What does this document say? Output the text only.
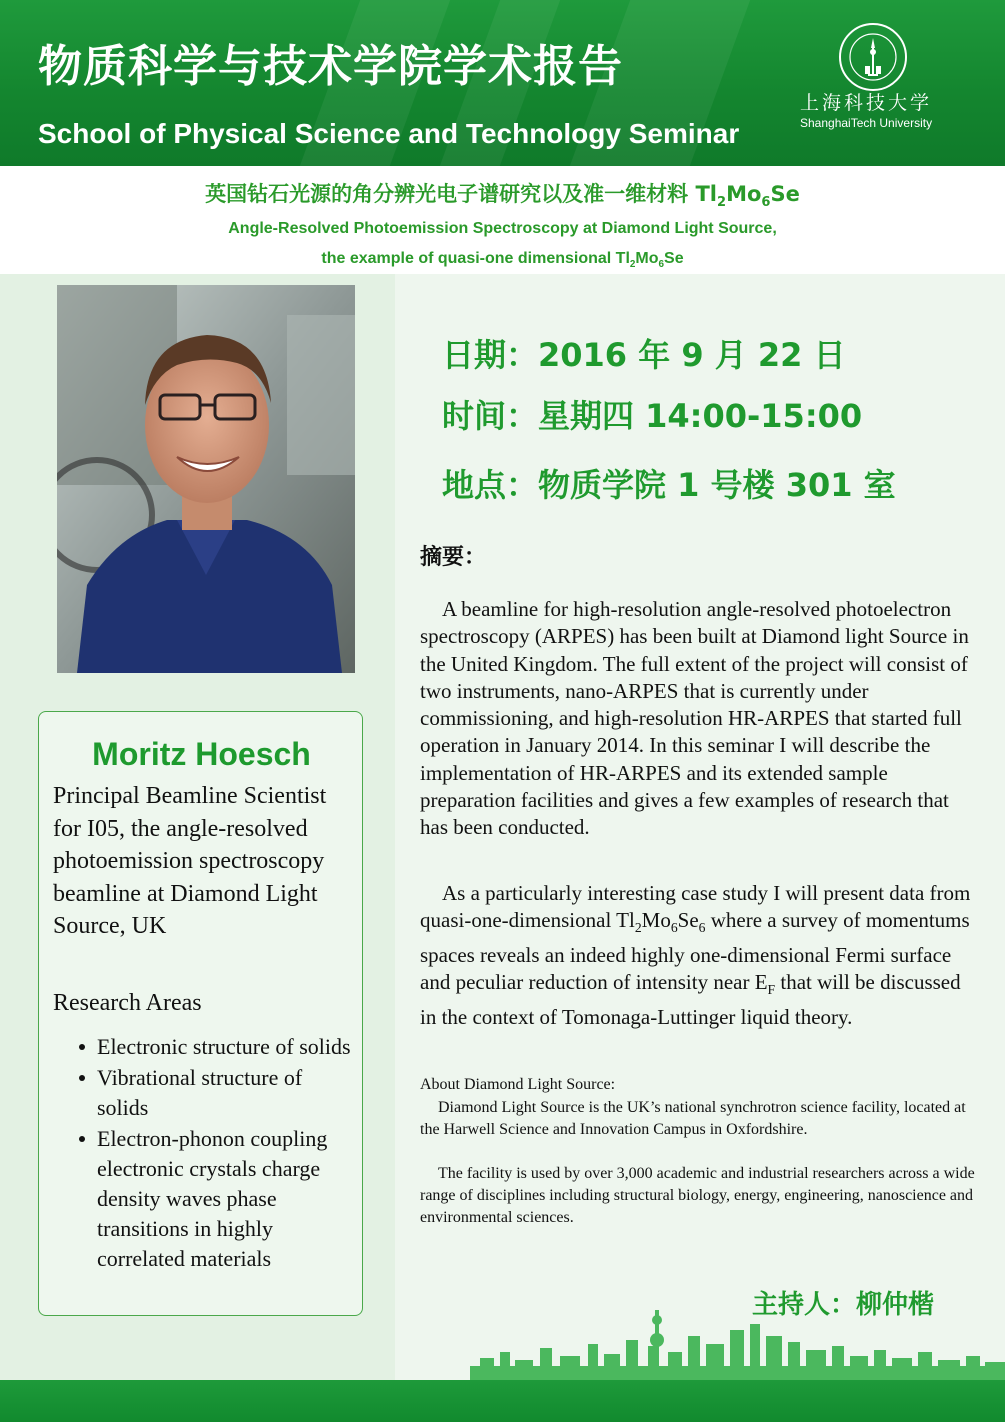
物质科学与技术学院学术报告
School of Physical Science and Technology Seminar
上海科技大学
ShanghaiTech University
英国钻石光源的角分辨光电子谱研究以及准一维材料 $Tl_2Mo_6Se$
Angle-Resolved Photoemission Spectroscopy at Diamond Light Source,
the example of quasi-one dimensional $Tl_2Mo_6Se$
Moritz Hoesch
Principal Beamline Scientist for I05, the angle-resolved photoemission spectroscopy beamline at Diamond Light Source, UK
Research Areas
Electronic structure of solids
Vibrational structure of solids
Electron-phonon coupling electronic crystals charge density waves phase transitions in highly correlated materials
日期：2016 年 9 月 22 日
时间：星期四 14:00-15:00
地点：物质学院 1 号楼 301 室
摘要：
A beamline for high-resolution angle-resolved photoelectron spectroscopy (ARPES) has been built at Diamond light Source in the United Kingdom. The full extent of the project will consist of two instruments, nano-ARPES that is currently under commissioning, and high-resolution HR-ARPES that started full operation in January 2014. In this seminar I will describe the implementation of HR-ARPES and its extended sample preparation facilities and gives a few examples of research that has been conducted.
As a particularly interesting case study I will present data from quasi-one-dimensional $Tl_2Mo_6Se_6$ where a survey of momentums spaces reveals an indeed highly one-dimensional Fermi surface and peculiar reduction of intensity near $E_F$ that will be discussed in the context of Tomonaga-Luttinger liquid theory.
About Diamond Light Source:
Diamond Light Source is the UK’s national synchrotron science facility, located at the Harwell Science and Innovation Campus in Oxfordshire.
The facility is used by over 3,000 academic and industrial researchers across a wide range of disciplines including structural biology, energy, engineering, nanoscience and environmental sciences.
主持人：柳仲楷
